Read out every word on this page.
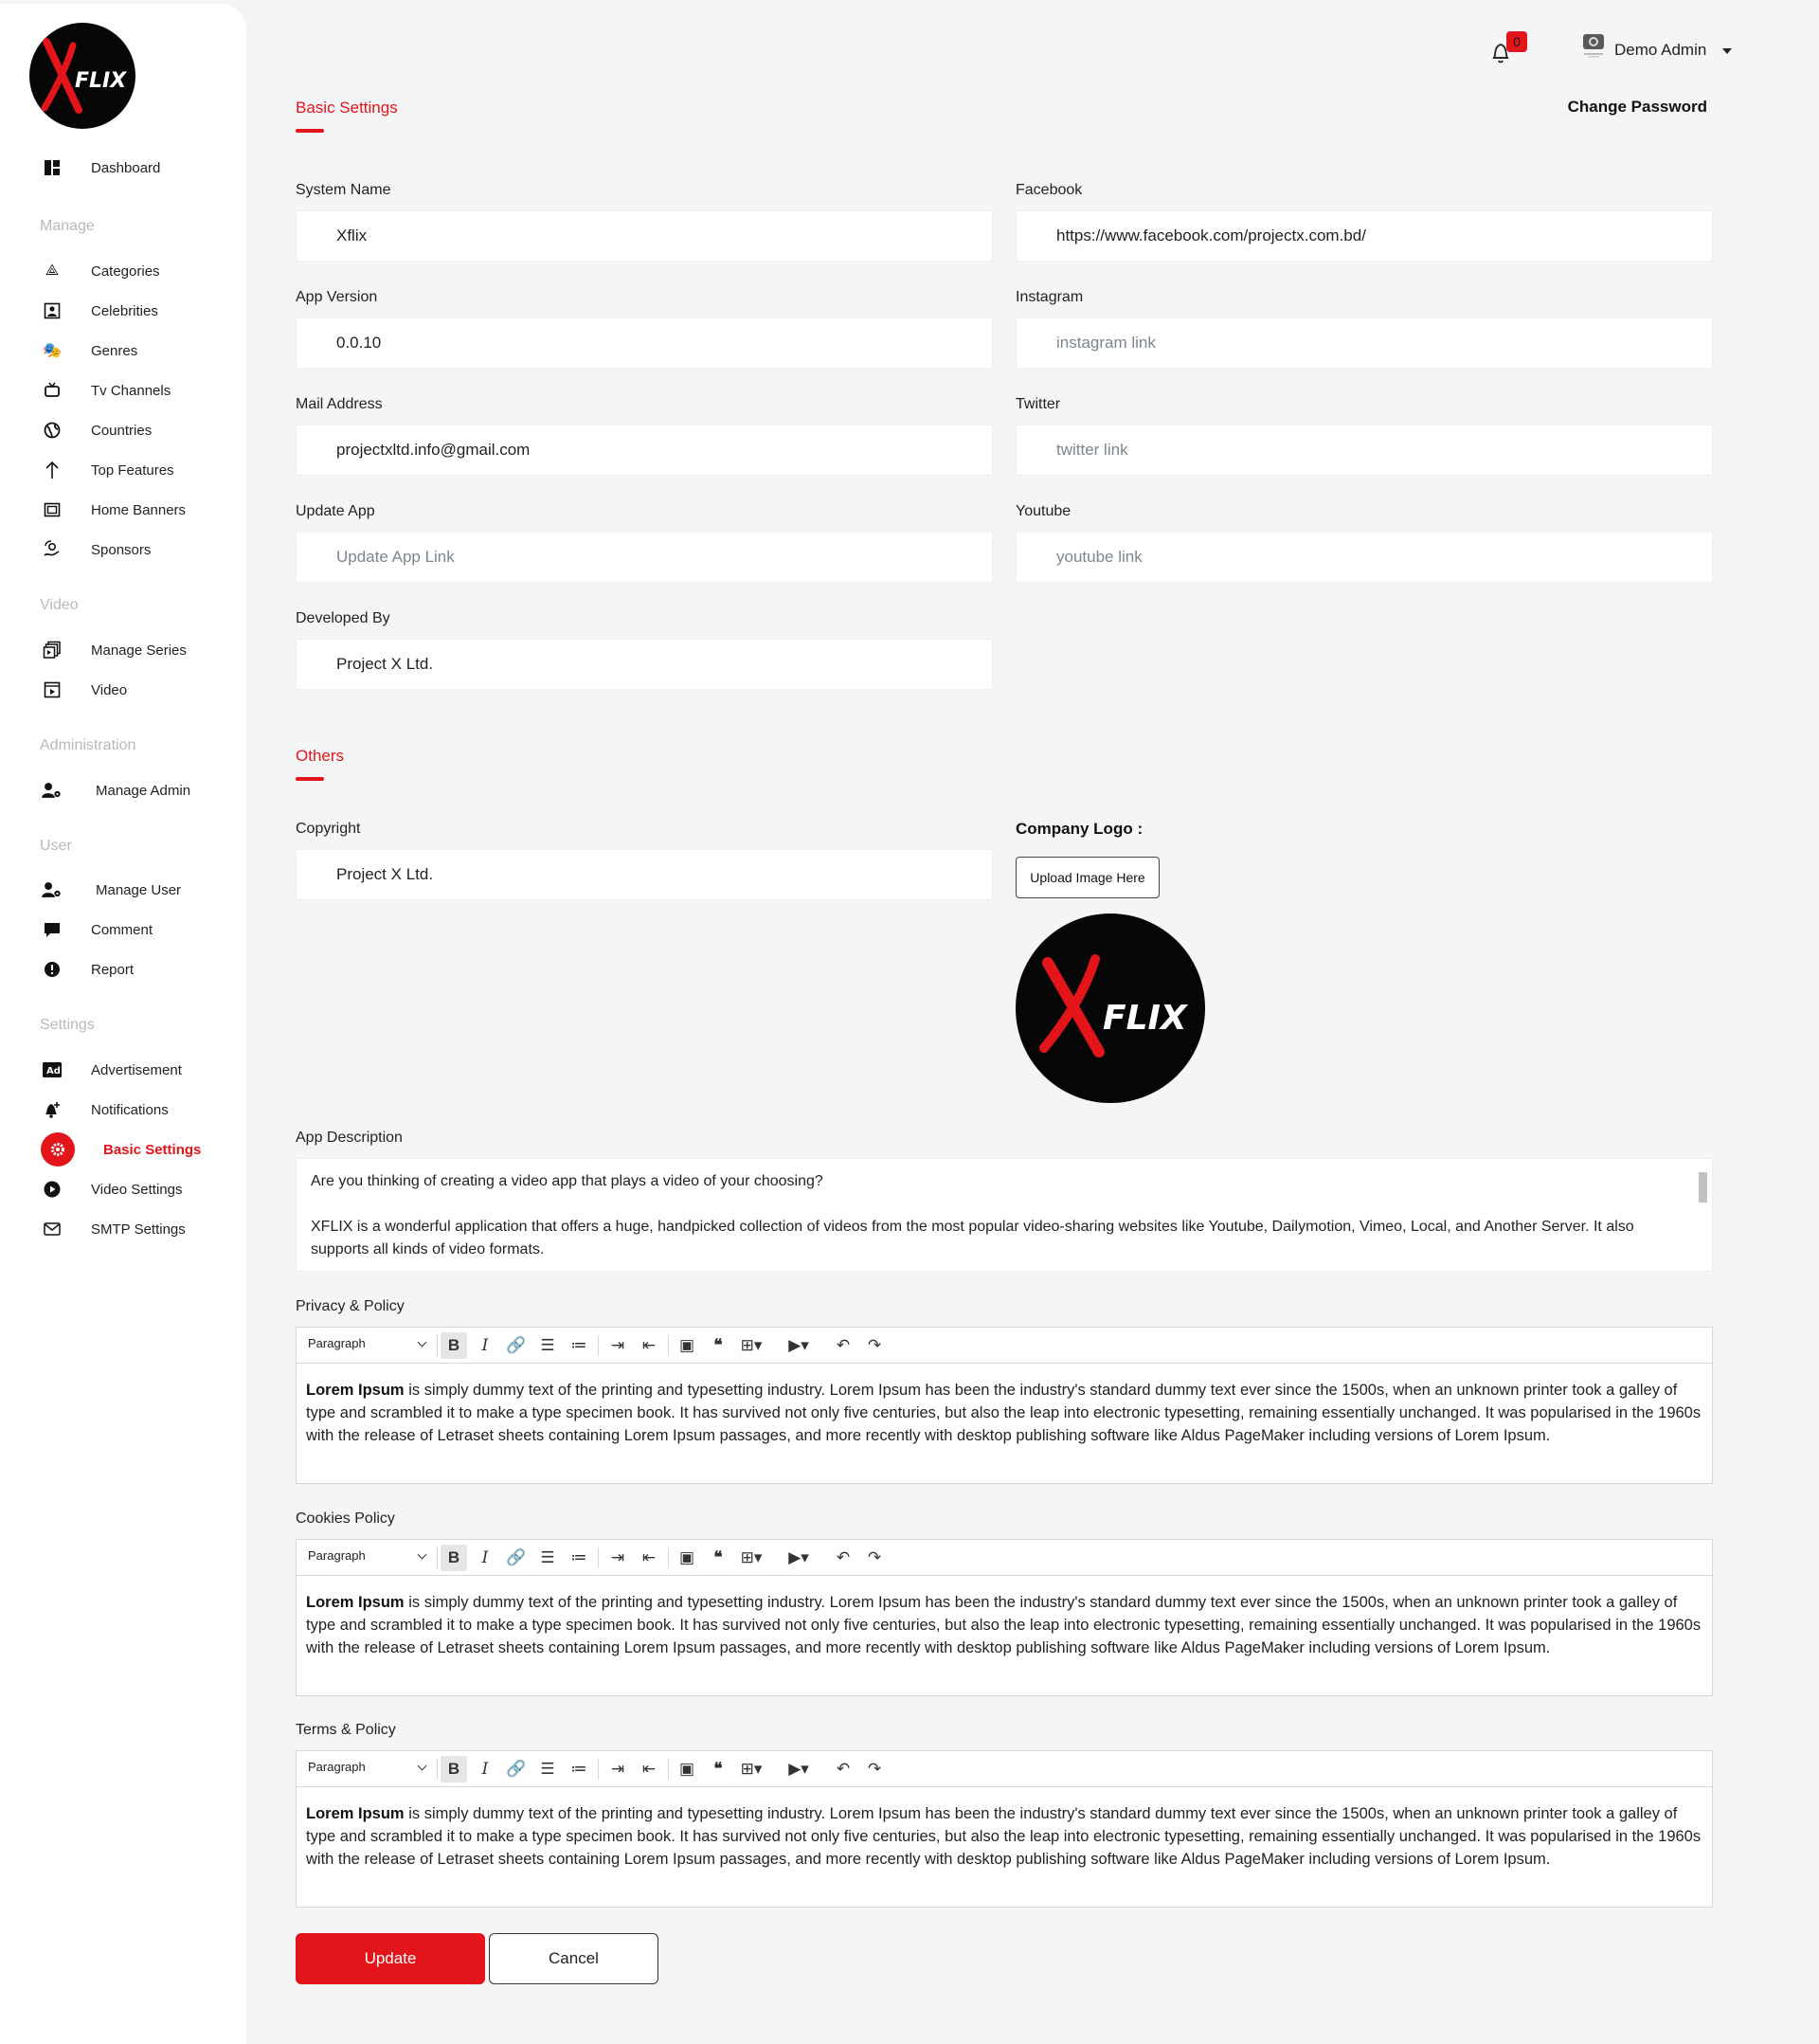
FLIX
Dashboard
Manage
⟁ Categories
Celebrities
🎭 Genres
Tv Channels
Countries
Top Features
Home Banners
Sponsors
Video
Manage Series
Video
Administration
Manage Admin
User
Manage User
Comment
Report
Settings
Ad Advertisement
Notifications
Basic Settings
Video Settings
SMTP Settings
0	Demo Admin
Change Password
Basic Settings
System Name
Xflix
App Version
0.0.10
Mail Address
projectxltd.info@gmail.com
Update App
Update App Link
Developed By
Project X Ltd.
Facebook
https://www.facebook.com/projectx.com.bd/
Instagram
instagram link
Twitter
twitter link
Youtube
youtube link
Others
Copyright
Project X Ltd.	Company Logo :
Upload Image Here
FLIX
App Description

Are you thinking of creating a video app that plays a video of your choosing?

XFLIX is a wonderful application that offers a huge, handpicked collection of videos from the most popular video-sharing websites like Youtube, Dailymotion, Vimeo, Local, and Another Server. It also supports all kinds of video formats.

Privacy & Policy
Paragraph	B I 🔗 ☰ ≔	⇥	⇤	▣	❝ ⊞▾ ▶▾	↶	↷
Lorem Ipsum is simply dummy text of the printing and typesetting industry. Lorem Ipsum has been the industry's standard dummy text ever since the 1500s, when an unknown printer took a galley of type and scrambled it to make a type specimen book. It has survived not only five centuries, but also the leap into electronic typesetting, remaining essentially unchanged. It was popularised in the 1960s with the release of Letraset sheets containing Lorem Ipsum passages, and more recently with desktop publishing software like Aldus PageMaker including versions of Lorem Ipsum.
Cookies Policy
Paragraph	B I 🔗 ☰ ≔	⇥	⇤	▣	❝ ⊞▾ ▶▾	↶	↷
Lorem Ipsum is simply dummy text of the printing and typesetting industry. Lorem Ipsum has been the industry's standard dummy text ever since the 1500s, when an unknown printer took a galley of type and scrambled it to make a type specimen book. It has survived not only five centuries, but also the leap into electronic typesetting, remaining essentially unchanged. It was popularised in the 1960s with the release of Letraset sheets containing Lorem Ipsum passages, and more recently with desktop publishing software like Aldus PageMaker including versions of Lorem Ipsum.
Terms & Policy
Paragraph	B I 🔗 ☰ ≔	⇥	⇤	▣	❝ ⊞▾ ▶▾	↶	↷
Lorem Ipsum is simply dummy text of the printing and typesetting industry. Lorem Ipsum has been the industry's standard dummy text ever since the 1500s, when an unknown printer took a galley of type and scrambled it to make a type specimen book. It has survived not only five centuries, but also the leap into electronic typesetting, remaining essentially unchanged. It was popularised in the 1960s with the release of Letraset sheets containing Lorem Ipsum passages, and more recently with desktop publishing software like Aldus PageMaker including versions of Lorem Ipsum.
Update	Cancel
